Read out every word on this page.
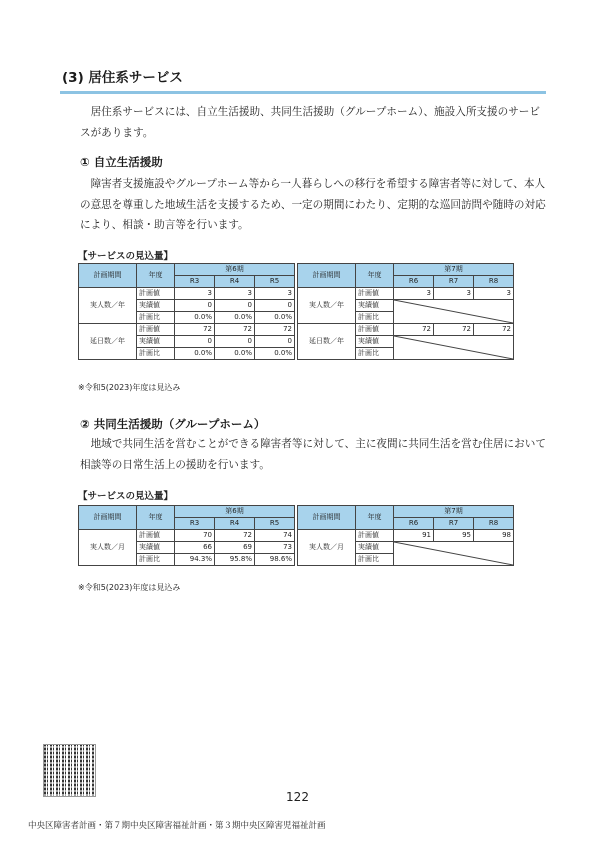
(3) 居住系サービス

居住系サービスには、自立生活援助、共同生活援助（グループホーム）、施設入所支援のサービスがあります。

① 自立生活援助

障害者支援施設やグループホーム等から一人暮らしへの移行を希望する障害者等に対して、本人の意思を尊重した地域生活を支援するため、一定の期間にわたり、定期的な巡回訪問や随時の対応により、相談・助言等を行います。

【サービスの見込量】
計画期間	年度	第6期		
		R3	R4	R5
実人数／年	計画値	3	3	3
	実績値	0	0	0
	計画比	0.0%	0.0%	0.0%
延日数／年	計画値	72	72	72
	実績値	0	0	0
	計画比	0.0%	0.0%	0.0%
計画期間	年度	第7期		
		R6	R7	R8
実人数／年	計画値	3	3	3
	実績値	

	計画比			
延日数／年	計画値	72	72	72
	実績値	

	計画比			
※令和5(2023)年度は見込み
② 共同生活援助（グループホーム）

地域で共同生活を営むことができる障害者等に対して、主に夜間に共同生活を営む住居において相談等の日常生活上の援助を行います。

【サービスの見込量】
計画期間	年度	第6期		
		R3	R4	R5
実人数／月	計画値	70	72	74
	実績値	66	69	73
	計画比	94.3%	95.8%	98.6%
計画期間	年度	第7期		
		R6	R7	R8
実人数／月	計画値	91	95	98
	実績値	

	計画比			
※令和5(2023)年度は見込み
122
中央区障害者計画・第７期中央区障害福祉計画・第３期中央区障害児福祉計画
